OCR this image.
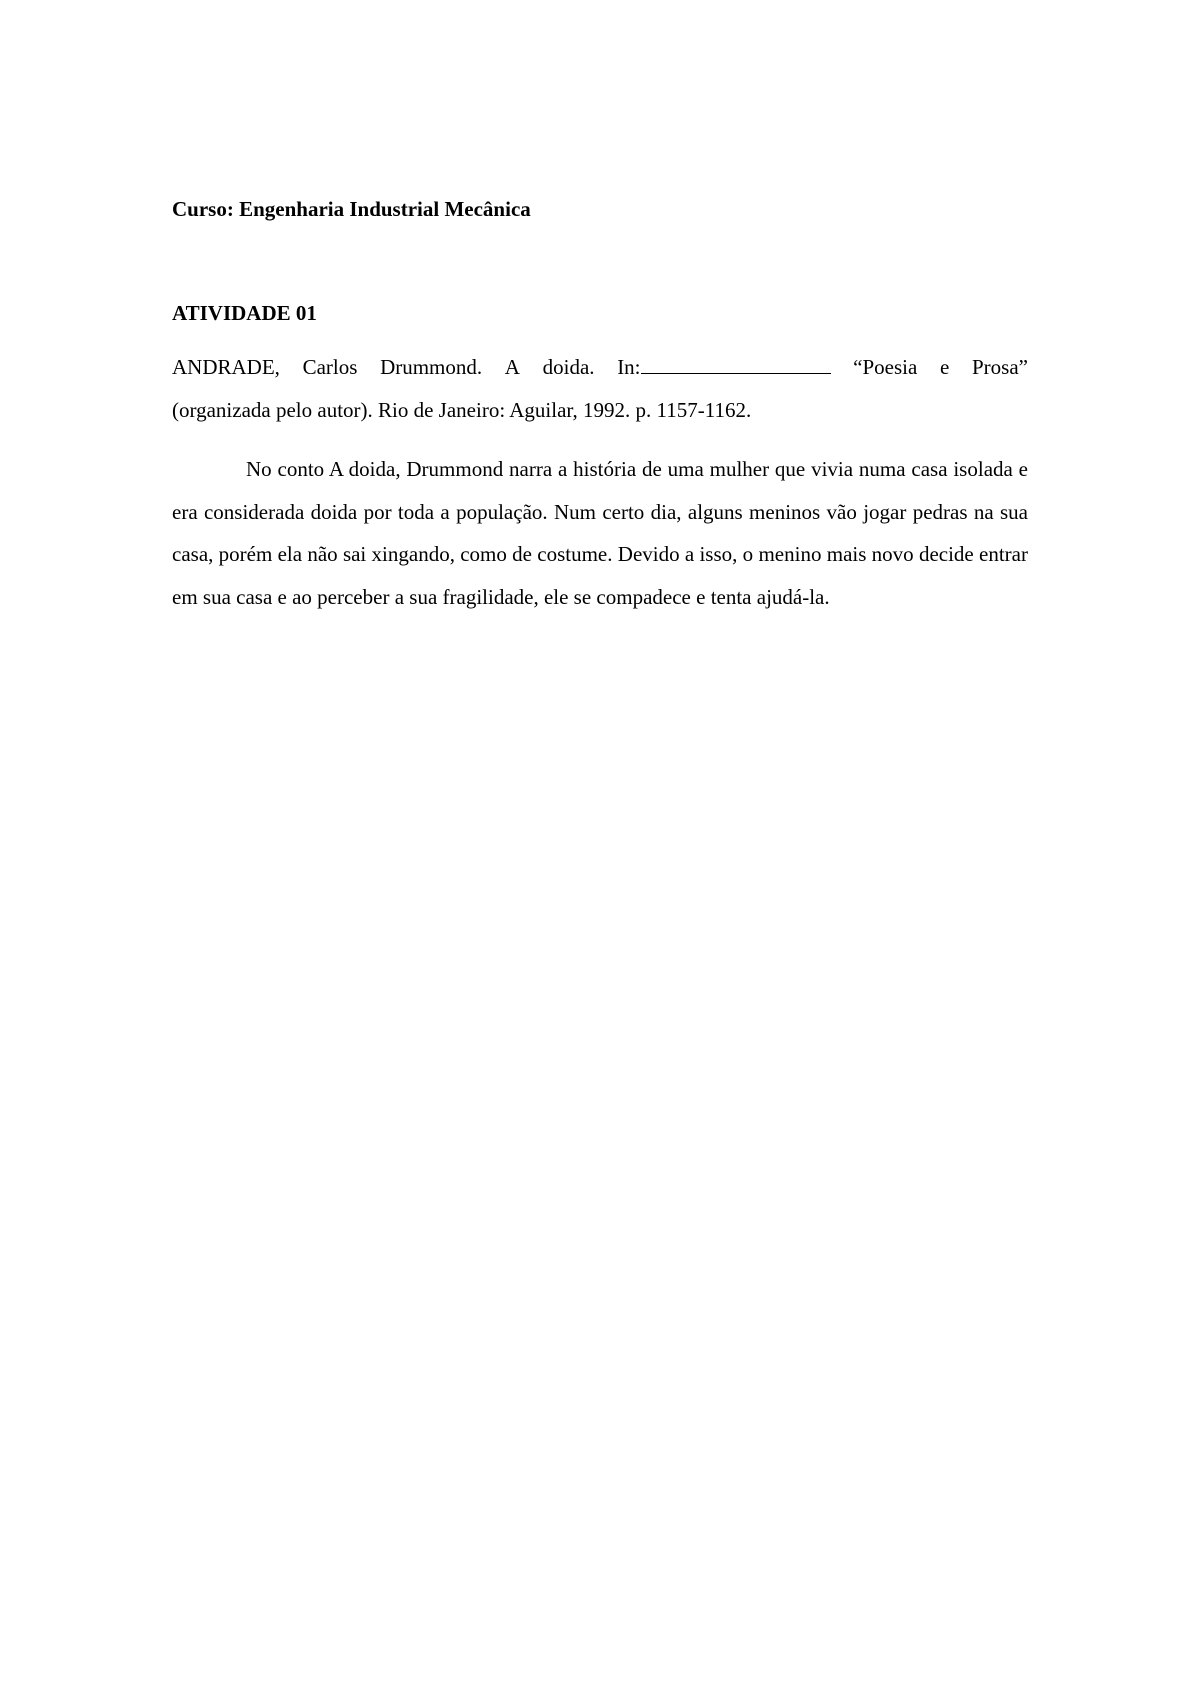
Curso: Engenharia Industrial Mecânica

ATIVIDADE 01

ANDRADE, Carlos Drummond. A doida. In:	“Poesia e Prosa”
(organizada pelo autor). Rio de Janeiro: Aguilar, 1992. p. 1157-1162.

No conto A doida, Drummond narra a história de uma mulher que vivia numa casa isolada e era considerada doida por toda a população. Num certo dia, alguns meninos vão jogar pedras na sua casa, porém ela não sai xingando, como de costume. Devido a isso, o menino mais novo decide entrar em sua casa e ao perceber a sua fragilidade, ele se compadece e tenta ajudá-la.
